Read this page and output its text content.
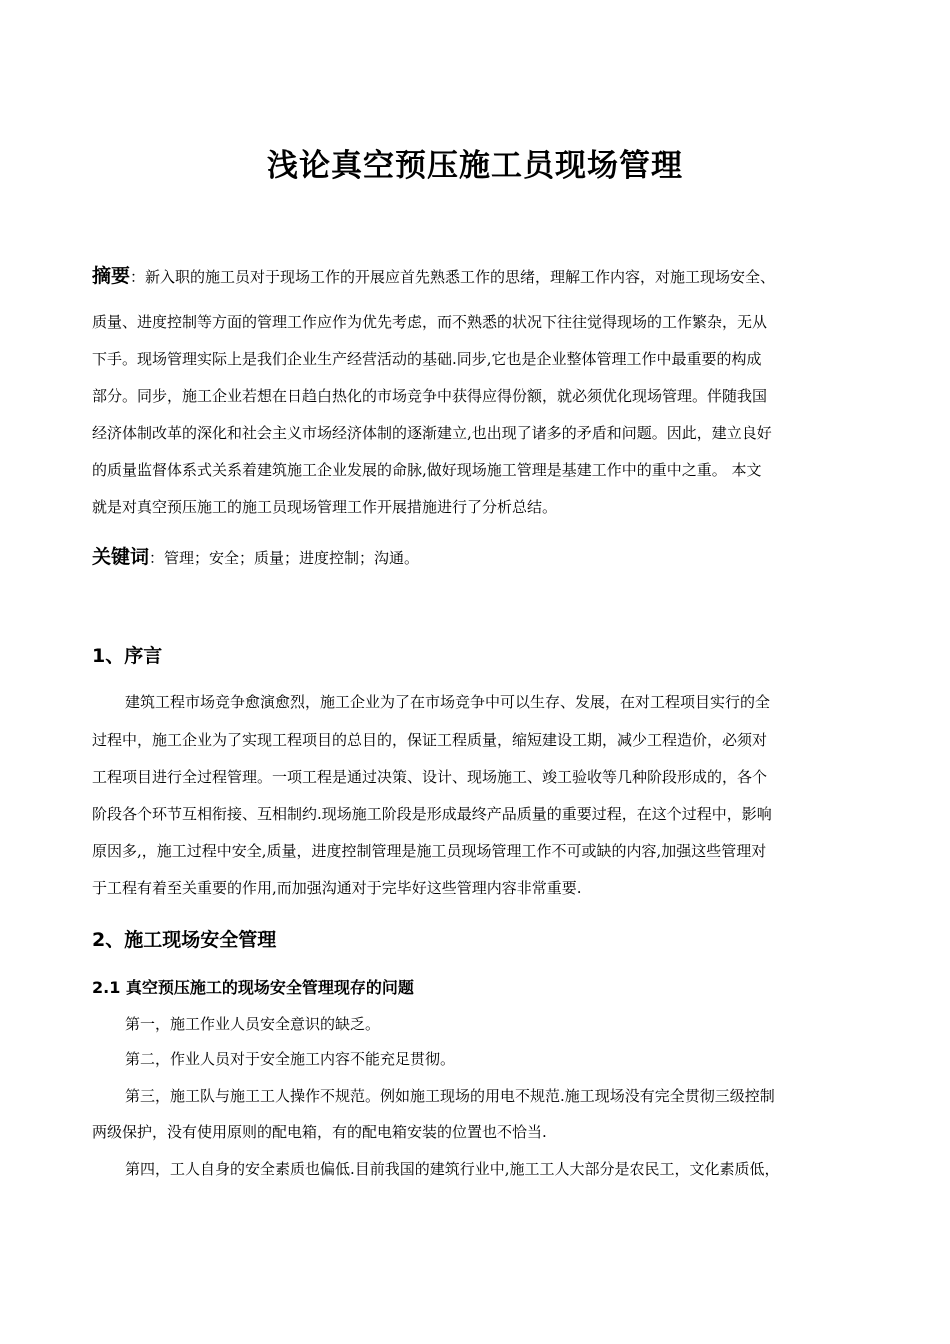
浅论真空预压施工员现场管理
摘要：新入职的施工员对于现场工作的开展应首先熟悉工作的思绪，理解工作内容，对施工现场安全、
质量、进度控制等方面的管理工作应作为优先考虑，而不熟悉的状况下往往觉得现场的工作繁杂，无从
下手。现场管理实际上是我们企业生产经营活动的基础.同步,它也是企业整体管理工作中最重要的构成
部分。同步，施工企业若想在日趋白热化的市场竞争中获得应得份额，就必须优化现场管理。伴随我国
经济体制改革的深化和社会主义市场经济体制的逐渐建立,也出现了诸多的矛盾和问题。因此，建立良好
的质量监督体系式关系着建筑施工企业发展的命脉,做好现场施工管理是基建工作中的重中之重。 本文
就是对真空预压施工的施工员现场管理工作开展措施进行了分析总结。
关键词：管理；安全；质量；进度控制；沟通。
1、序言
建筑工程市场竞争愈演愈烈，施工企业为了在市场竞争中可以生存、发展，在对工程项目实行的全
过程中，施工企业为了实现工程项目的总目的，保证工程质量，缩短建设工期，减少工程造价，必须对
工程项目进行全过程管理。一项工程是通过决策、设计、现场施工、竣工验收等几种阶段形成的，各个
阶段各个环节互相衔接、互相制约.现场施工阶段是形成最终产品质量的重要过程，在这个过程中，影响
原因多,，施工过程中安全,质量，进度控制管理是施工员现场管理工作不可或缺的内容,加强这些管理对
于工程有着至关重要的作用,而加强沟通对于完毕好这些管理内容非常重要.
2、施工现场安全管理
2.1 真空预压施工的现场安全管理现存的问题
第一，施工作业人员安全意识的缺乏。
第二，作业人员对于安全施工内容不能充足贯彻。
第三，施工队与施工工人操作不规范。例如施工现场的用电不规范.施工现场没有完全贯彻三级控制
两级保护，没有使用原则的配电箱，有的配电箱安装的位置也不恰当.
第四，工人自身的安全素质也偏低.目前我国的建筑行业中,施工工人大部分是农民工，文化素质低，
